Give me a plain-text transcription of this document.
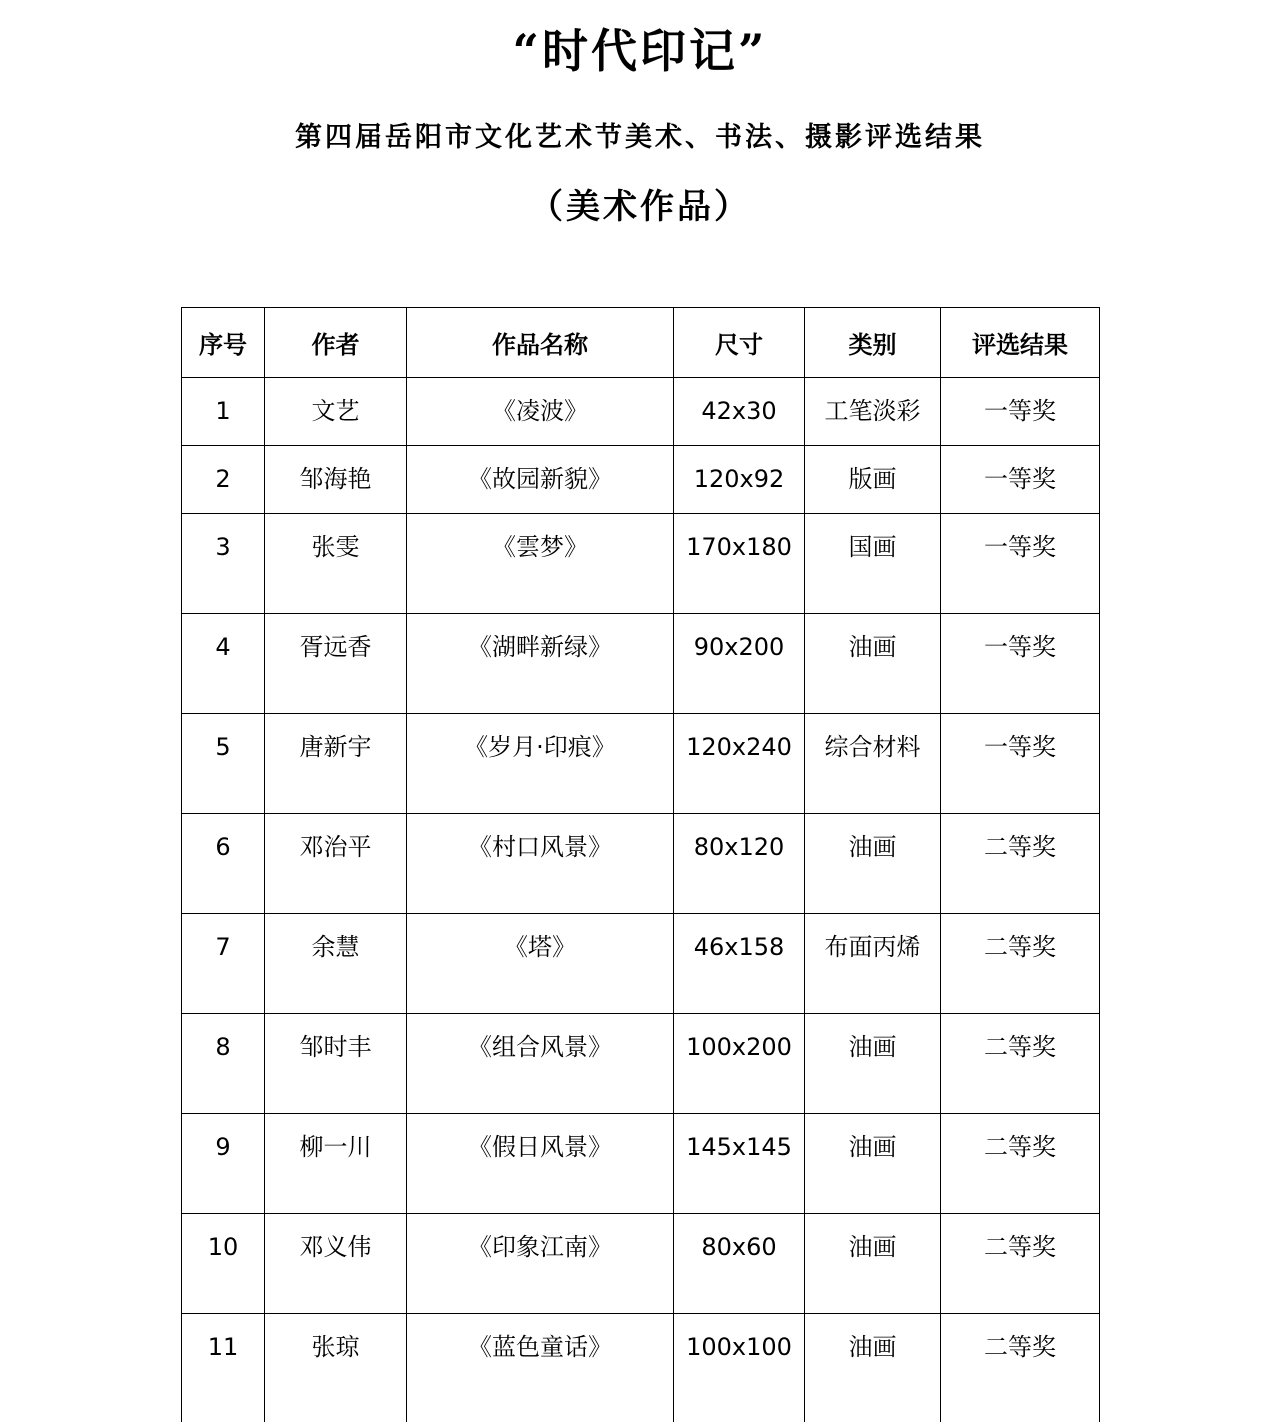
“时代印记”
第四届岳阳市文化艺术节美术、书法、摄影评选结果
（美术作品）
序号	作者	作品名称	尺寸	类别	评选结果
1	文艺	《凌波》	42x30	工笔淡彩	一等奖
2	邹海艳	《故园新貌》	120x92	版画	一等奖
3	张雯	《雲梦》	170x180	国画	一等奖
4	胥远香	《湖畔新绿》	90x200	油画	一等奖
5	唐新宇	《岁月·印痕》	120x240	综合材料	一等奖
6	邓治平	《村口风景》	80x120	油画	二等奖
7	余慧	《塔》	46x158	布面丙烯	二等奖
8	邹时丰	《组合风景》	100x200	油画	二等奖
9	柳一川	《假日风景》	145x145	油画	二等奖
10	邓义伟	《印象江南》	80x60	油画	二等奖
11	张琼	《蓝色童话》	100x100	油画	二等奖
